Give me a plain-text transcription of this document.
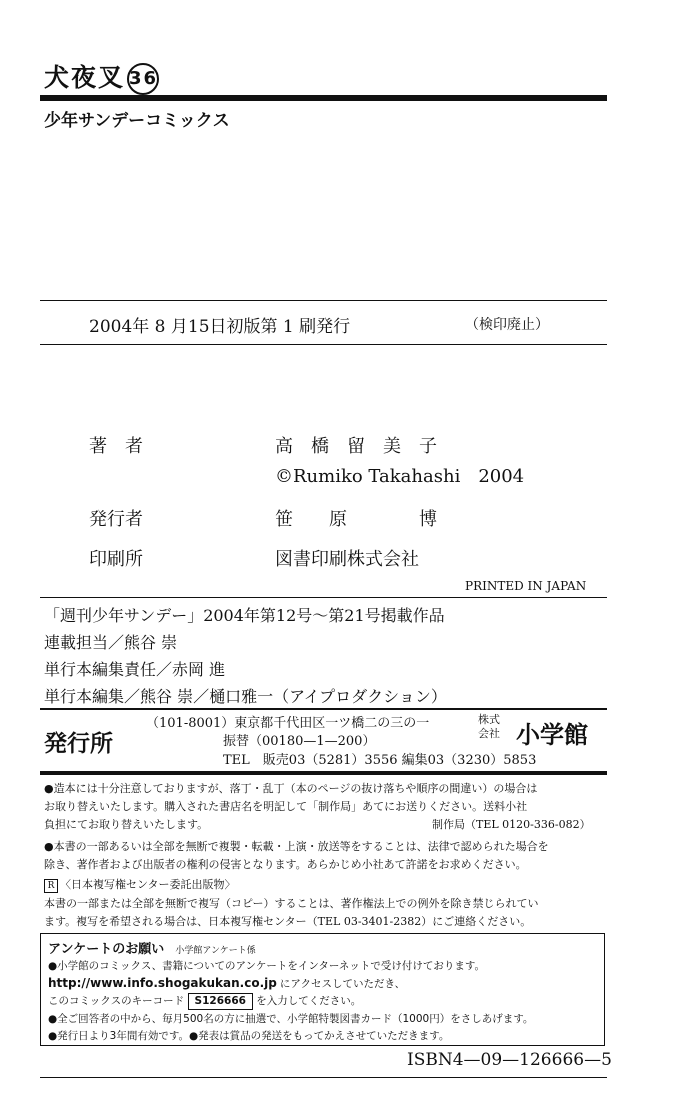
犬夜叉 36
少年サンデーコミックス
2004年 8 月15日初版第 1 刷発行	（検印廃止）
著　者	高　橋　留　美　子
©Rumiko Takahashi　2004
発行者	笹　　原　　　　博
印刷所	図書印刷株式会社
PRINTED IN JAPAN
「週刊少年サンデー」2004年第12号～第21号掲載作品
連載担当／熊谷 崇
単行本編集責任／赤岡 進
単行本編集／熊谷 崇／樋口雅一（アイプロダクション）
発行所
（101-8001）東京都千代田区一ツ橋二の三の一
振替（00180—1—200）
TEL　販売03（5281）3556 編集03（3230）5853
株式
会社 小学館
●造本には十分注意しておりますが、落丁・乱丁（本のページの抜け落ちや順序の間違い）の場合は
お取り替えいたします。購入された書店名を明記して「制作局」あてにお送りください。送料小社
負担にてお取り替えいたします。	制作局（TEL 0120-336-082）
●本書の一部あるいは全部を無断で複製・転載・上演・放送等をすることは、法律で認められた場合を
除き、著作者および出版者の権利の侵害となります。あらかじめ小社あて許諾をお求めください。
R 〈日本複写権センター委託出版物〉
本書の一部または全部を無断で複写（コピー）することは、著作権法上での例外を除き禁じられてい
ます。複写を希望される場合は、日本複写権センター（TEL 03-3401-2382）にご連絡ください。
アンケートのお願い 小学館アンケート係
●小学館のコミックス、書籍についてのアンケートをインターネットで受け付けております。
http://www.info.shogakukan.co.jp にアクセスしていただき、
このコミックスのキーコード S126666 を入力してください。
●全ご回答者の中から、毎月500名の方に抽選で、小学館特製図書カード（1000円）をさしあげます。
●発行日より3年間有効です。●発表は賞品の発送をもってかえさせていただきます。
ISBN4—09—126666—5
